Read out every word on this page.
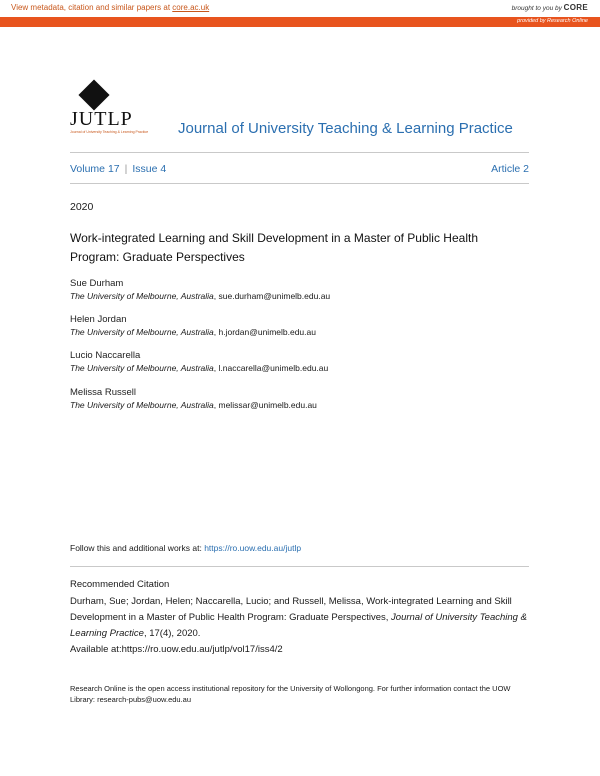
View metadata, citation and similar papers at core.ac.uk	brought to you by CORE
provided by Research Online
JUTLP
Journal of University Teaching & Learning Practice Journal of University Teaching & Learning Practice
Volume 17 | Issue 4	Article 2
2020
Work-integrated Learning and Skill Development in a Master of Public Health Program: Graduate Perspectives
Sue Durham
The University of Melbourne, Australia, sue.durham@unimelb.edu.au
Helen Jordan
The University of Melbourne, Australia, h.jordan@unimelb.edu.au
Lucio Naccarella
The University of Melbourne, Australia, l.naccarella@unimelb.edu.au
Melissa Russell
The University of Melbourne, Australia, melissar@unimelb.edu.au
Follow this and additional works at: https://ro.uow.edu.au/jutlp
Recommended Citation
Durham, Sue; Jordan, Helen; Naccarella, Lucio; and Russell, Melissa, Work-integrated Learning and Skill Development in a Master of Public Health Program: Graduate Perspectives, Journal of University Teaching & Learning Practice, 17(4), 2020.
Available at:https://ro.uow.edu.au/jutlp/vol17/iss4/2
Research Online is the open access institutional repository for the University of Wollongong. For further information contact the UOW Library: research-pubs@uow.edu.au
